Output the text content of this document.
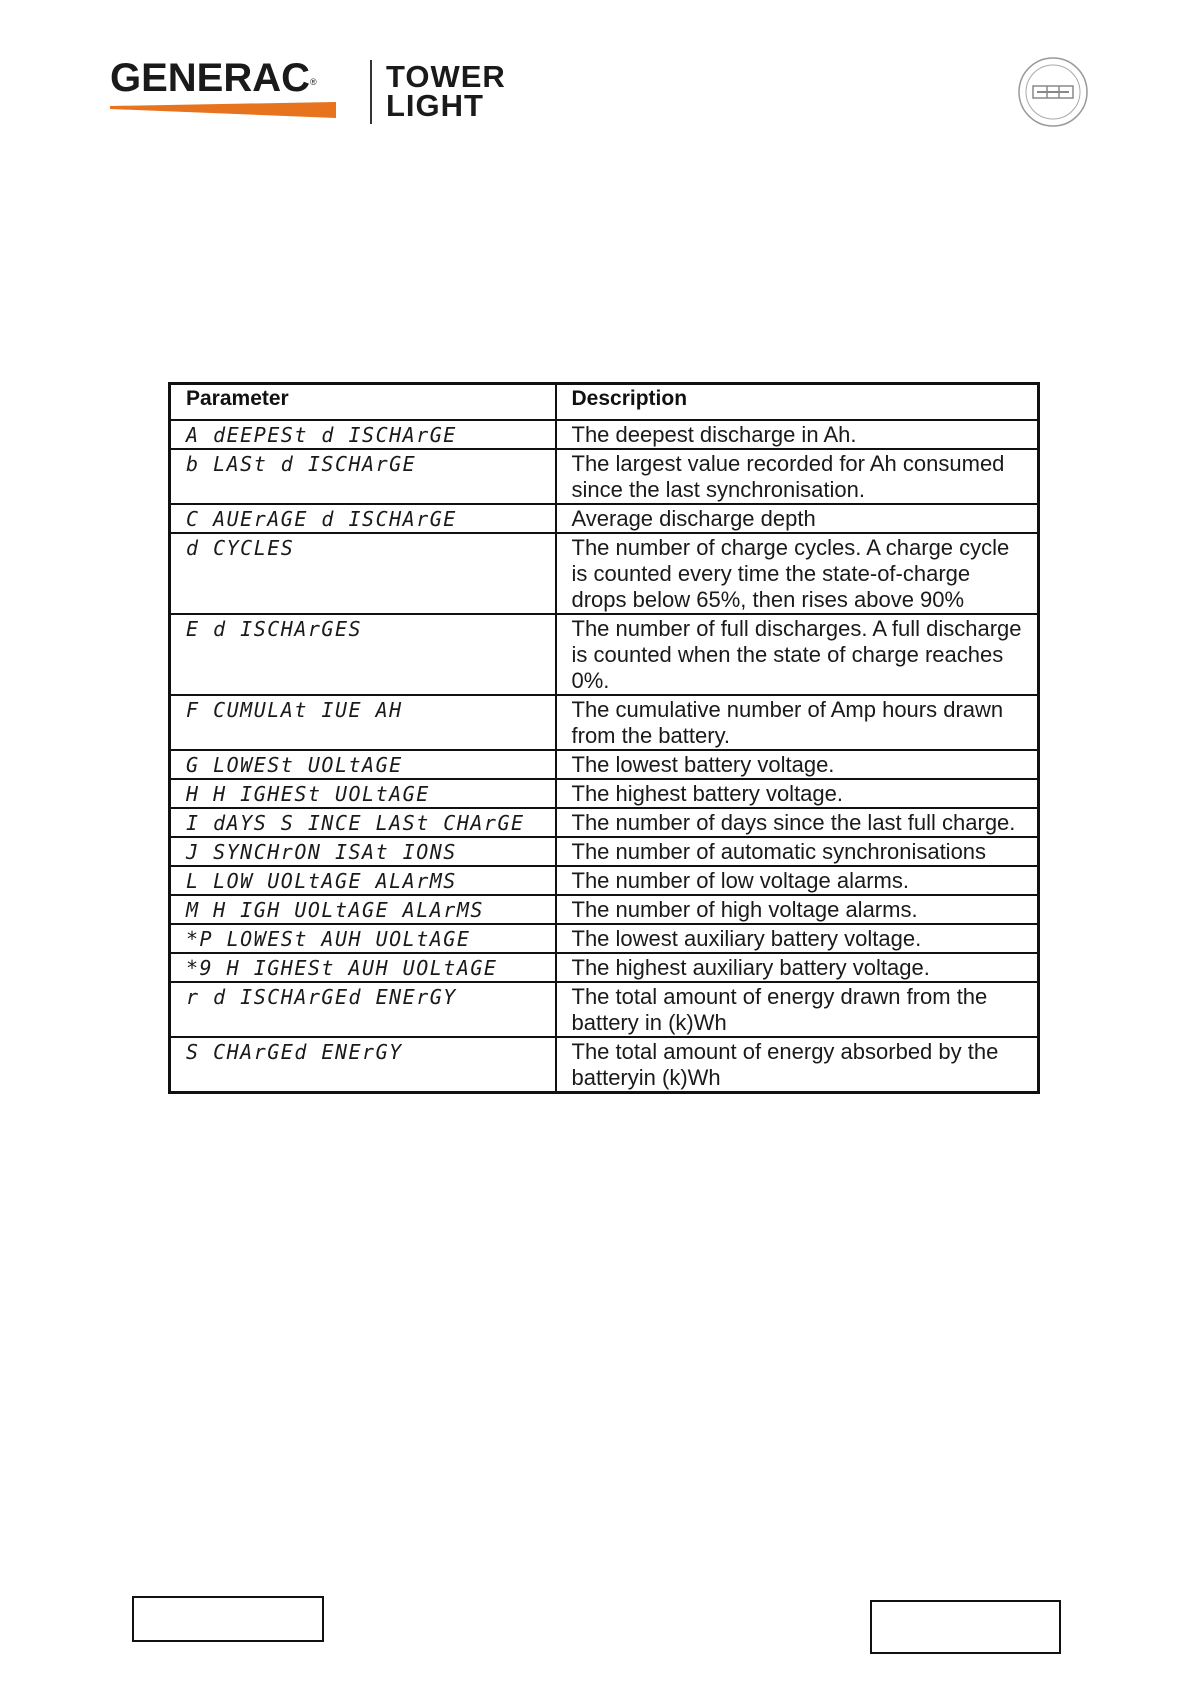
GENERAC® TOWER
LIGHT
Parameter	Description
A dEEPESt d ISCHArGE	The deepest discharge in Ah.
b LASt d ISCHArGE	The largest value recorded for Ah consumed since the last synchronisation.
C AUErAGE d ISCHArGE	Average discharge depth
d CYCLES	The number of charge cycles. A charge cycle is counted every time the state-of-charge drops below 65%, then rises above 90%
E d ISCHArGES	The number of full discharges. A full discharge is counted when the state of charge reaches 0%.
F CUMULAt IUE AH	The cumulative number of Amp hours drawn from the battery.
G LOWESt UOLtAGE	The lowest battery voltage.
H H IGHESt UOLtAGE	The highest battery voltage.
I dAYS S INCE LASt CHArGE	The number of days since the last full charge.
J SYNCHrON ISAt IONS	The number of automatic synchronisations
L LOW UOLtAGE ALArMS	The number of low voltage alarms.
M H IGH UOLtAGE ALArMS	The number of high voltage alarms.
*P LOWESt AUH UOLtAGE	The lowest auxiliary battery voltage.
*9 H IGHESt AUH UOLtAGE	The highest auxiliary battery voltage.
r d ISCHArGEd ENErGY	The total amount of energy drawn from the battery in (k)Wh
S CHArGEd ENErGY	The total amount of energy absorbed by the batteryin (k)Wh
